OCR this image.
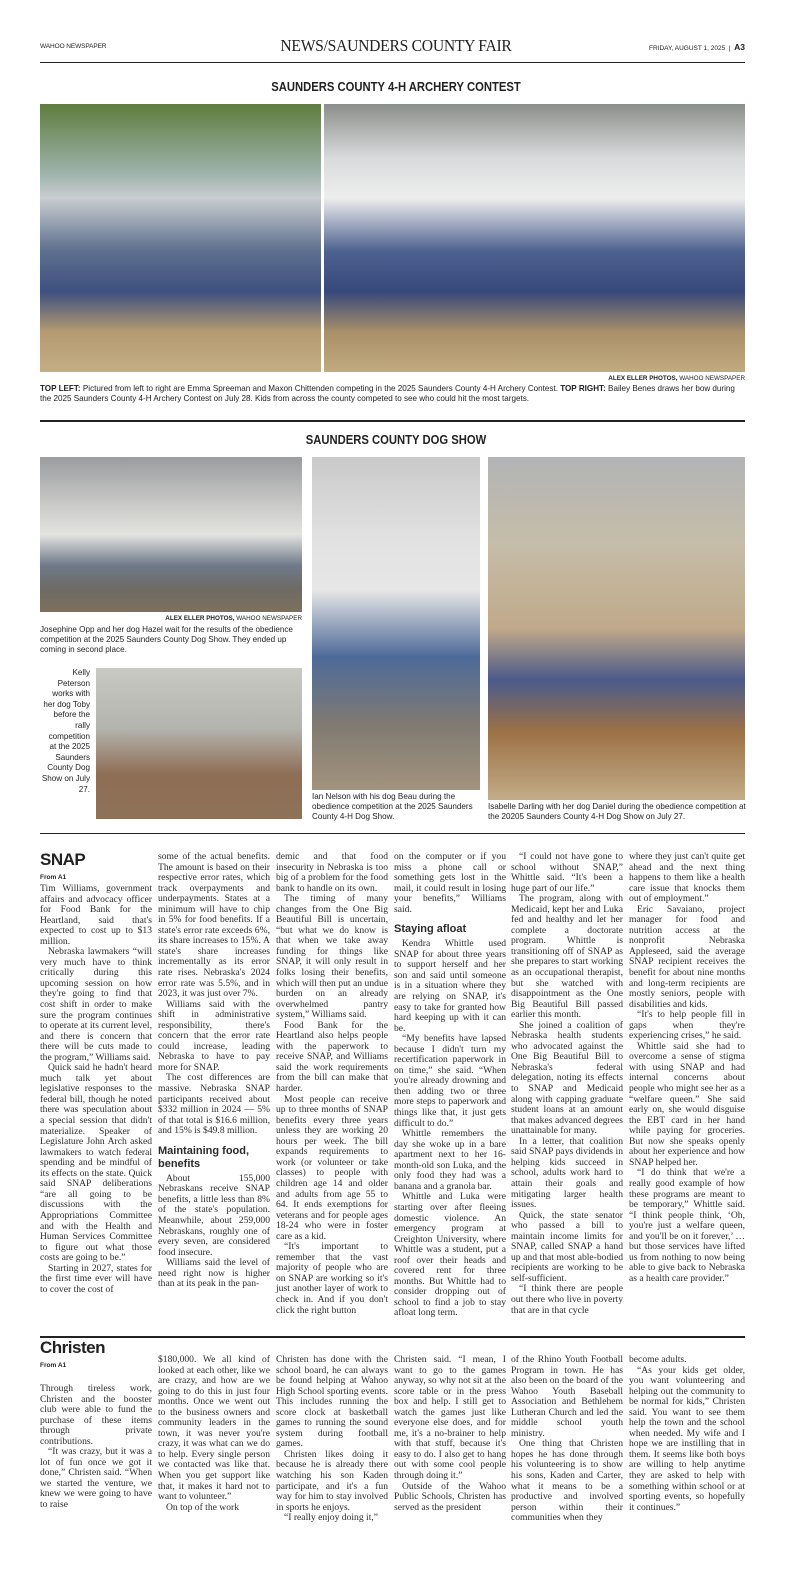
WAHOO NEWSPAPER	NEWS/SAUNDERS COUNTY FAIR	FRIDAY, AUGUST 1, 2025  |  A3
SAUNDERS COUNTY 4-H ARCHERY CONTEST
ALEX ELLER PHOTOS, WAHOO NEWSPAPER
TOP LEFT: Pictured from left to right are Emma Spreeman and Maxon Chittenden competing in the 2025 Saunders County 4-H Archery Contest. TOP RIGHT: Bailey Benes draws her bow during the 2025 Saunders County 4-H Archery Contest on July 28. Kids from across the county competed to see who could hit the most targets.
SAUNDERS COUNTY DOG SHOW
ALEX ELLER PHOTOS, WAHOO NEWSPAPER
Josephine Opp and her dog Hazel wait for the results of the obedience competition at the 2025 Saunders County Dog Show. They ended up coming in second place.
Kelly Peterson works with her dog Toby before the rally competition at the 2025 Saunders County Dog Show on July 27.
Ian Nelson with his dog Beau during the obedience competition at the 2025 Saunders County 4-H Dog Show.
Isabelle Darling with her dog Daniel during the obedience competition at the 20205 Saunders County 4-H Dog Show on July 27.
SNAP
From A1

Tim Williams, government affairs and advocacy officer for Food Bank for the Heartland, said that's expected to cost up to $13 million.

Nebraska lawmakers “will very much have to think critically during this upcoming session on how they're going to find that cost shift in order to make sure the program continues to operate at its current level, and there is concern that there will be cuts made to the program,” Williams said.

Quick said he hadn't heard much talk yet about legislative responses to the federal bill, though he noted there was speculation about a special session that didn't materialize. Speaker of Legislature John Arch asked lawmakers to watch federal spending and be mindful of its effects on the state. Quick said SNAP deliberations “are all going to be discussions with the Appropriations Committee and with the Health and Human Services Committee to figure out what those costs are going to be.”

Starting in 2027, states for the first time ever will have to cover the cost of

some of the actual benefits. The amount is based on their respective error rates, which track overpayments and underpayments. States at a minimum will have to chip in 5% for food benefits. If a state's error rate exceeds 6%, its share increases to 15%. A state's share increases incrementally as its error rate rises. Nebraska's 2024 error rate was 5.5%, and in 2023, it was just over 7%.

Williams said with the shift in administrative responsibility, there's concern that the error rate could increase, leading Nebraska to have to pay more for SNAP.

The cost differences are massive. Nebraska SNAP participants received about $332 million in 2024 — 5% of that total is $16.6 million, and 15% is $49.8 million.

Maintaining food, benefits

About 155,000 Nebraskans receive SNAP benefits, a little less than 8% of the state's population. Meanwhile, about 259,000 Nebraskans, roughly one of every seven, are considered food insecure.

Williams said the level of need right now is higher than at its peak in the pan-

demic and that food insecurity in Nebraska is too big of a problem for the food bank to handle on its own.

The timing of many changes from the One Big Beautiful Bill is uncertain, “but what we do know is that when we take away funding for things like SNAP, it will only result in folks losing their benefits, which will then put an undue burden on an already overwhelmed pantry system,” Williams said.

Food Bank for the Heartland also helps people with the paperwork to receive SNAP, and Williams said the work requirements from the bill can make that harder.

Most people can receive up to three months of SNAP benefits every three years unless they are working 20 hours per week. The bill expands requirements to work (or volunteer or take classes) to people with children age 14 and older and adults from age 55 to 64. It ends exemptions for veterans and for people ages 18-24 who were in foster care as a kid.

“It's important to remember that the vast majority of people who are on SNAP are working so it's just another layer of work to check in. And if you don't click the right button

on the computer or if you miss a phone call or something gets lost in the mail, it could result in losing your benefits,” Williams said.

Staying afloat

Kendra Whittle used SNAP for about three years to support herself and her son and said until someone is in a situation where they are relying on SNAP, it's easy to take for granted how hard keeping up with it can be.

“My benefits have lapsed because I didn't turn my recertification paperwork in on time,” she said. “When you're already drowning and then adding two or three more steps to paperwork and things like that, it just gets difficult to do.”

Whittle remembers the day she woke up in a bare apartment next to her 16-month-old son Luka, and the only food they had was a banana and a granola bar.

Whittle and Luka were starting over after fleeing domestic violence. An emergency program at Creighton University, where Whittle was a student, put a roof over their heads and covered rent for three months. But Whittle had to consider dropping out of school to find a job to stay afloat long term.

“I could not have gone to school without SNAP,” Whittle said. “It's been a huge part of our life.”

The program, along with Medicaid, kept her and Luka fed and healthy and let her complete a doctorate program. Whittle is transitioning off of SNAP as she prepares to start working as an occupational therapist, but she watched with disappointment as the One Big Beautiful Bill passed earlier this month.

She joined a coalition of Nebraska health students who advocated against the One Big Beautiful Bill to Nebraska's federal delegation, noting its effects to SNAP and Medicaid along with capping graduate student loans at an amount that makes advanced degrees unattainable for many.

In a letter, that coalition said SNAP pays dividends in helping kids succeed in school, adults work hard to attain their goals and mitigating larger health issues.

Quick, the state senator who passed a bill to maintain income limits for SNAP, called SNAP a hand up and that most able-bodied recipients are working to be self-sufficient.

“I think there are people out there who live in poverty that are in that cycle

where they just can't quite get ahead and the next thing happens to them like a health care issue that knocks them out of employment.”

Eric Savaiano, project manager for food and nutrition access at the nonprofit Nebraska Appleseed, said the average SNAP recipient receives the benefit for about nine months and long-term recipients are mostly seniors, people with disabilities and kids.

“It's to help people fill in gaps when they're experiencing crises,” he said.

Whittle said she had to overcome a sense of stigma with using SNAP and had internal concerns about people who might see her as a “welfare queen.” She said early on, she would disguise the EBT card in her hand while paying for groceries. But now she speaks openly about her experience and how SNAP helped her.

“I do think that we're a really good example of how these programs are meant to be temporary,” Whittle said. “I think people think, ‘Oh, you're just a welfare queen, and you'll be on it forever,’ … but those services have lifted us from nothing to now being able to give back to Nebraska as a health care provider.”

Christen
From A1

Through tireless work, Christen and the booster club were able to fund the purchase of these items through private contributions.

“It was crazy, but it was a lot of fun once we got it done,” Christen said. “When we started the venture, we knew we were going to have to raise

$180,000. We all kind of looked at each other, like we are crazy, and how are we going to do this in just four months. Once we went out to the business owners and community leaders in the town, it was never you're crazy, it was what can we do to help. Every single person we contacted was like that. When you get support like that, it makes it hard not to want to volunteer.”

On top of the work

Christen has done with the school board, he can always be found helping at Wahoo High School sporting events. This includes running the score clock at basketball games to running the sound system during football games.

Christen likes doing it because he is already there watching his son Kaden participate, and it's a fun way for him to stay involved in sports he enjoys.

“I really enjoy doing it,”

Christen said. “I mean, I want to go to the games anyway, so why not sit at the score table or in the press box and help. I still get to watch the games just like everyone else does, and for me, it's a no-brainer to help with that stuff, because it's easy to do. I also get to hang out with some cool people through doing it.”

Outside of the Wahoo Public Schools, Christen has served as the president

of the Rhino Youth Football Program in town. He has also been on the board of the Wahoo Youth Baseball Association and Bethlehem Lutheran Church and led the middle school youth ministry.

One thing that Christen hopes he has done through his volunteering is to show his sons, Kaden and Carter, what it means to be a productive and involved person within their communities when they

become adults.

“As your kids get older, you want volunteering and helping out the community to be normal for kids,” Christen said. You want to see them help the town and the school when needed. My wife and I hope we are instilling that in them. It seems like both boys are willing to help anytime they are asked to help with something within school or at sporting events, so hopefully it continues.”
